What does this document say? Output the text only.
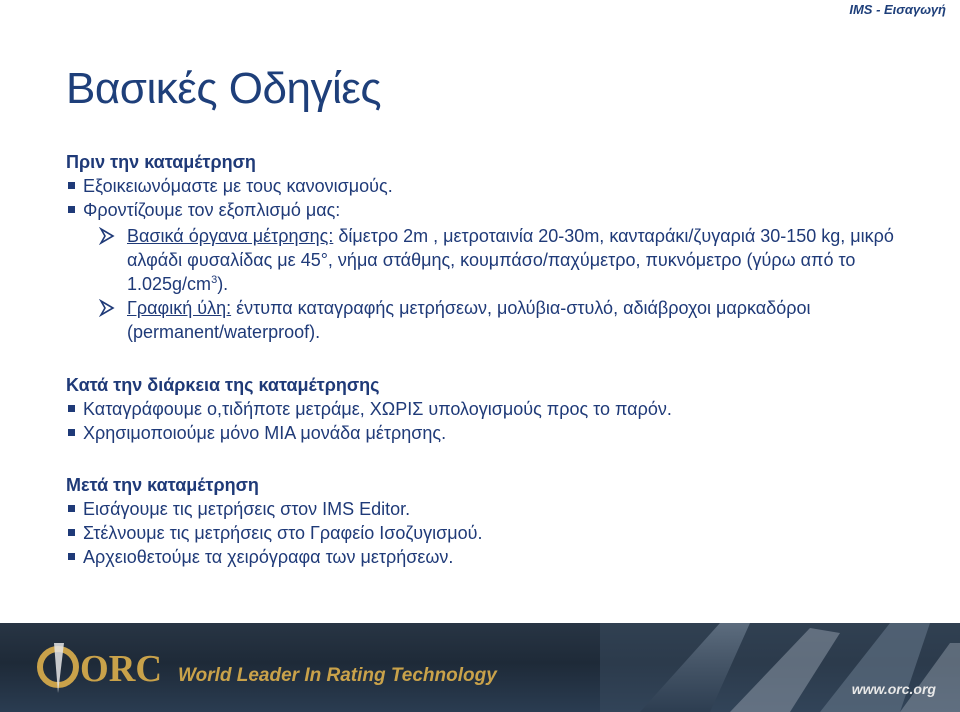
IMS - Εισαγωγή
Βασικές Οδηγίες

Πριν την καταμέτρηση

Εξοικειωνόμαστε με τους κανονισμούς.
Φροντίζουμε τον εξοπλισμό μας:
Βασικά όργανα μέτρησης: δίμετρο 2m , μετροταινία 20-30m, κανταράκι/ζυγαριά 30-150 kg, μικρό αλφάδι φυσαλίδας με 45°, νήμα στάθμης, κουμπάσο/παχύμετρο, πυκνόμετρο (γύρω από το $1.025g/cm^3$).
Γραφική ύλη: έντυπα καταγραφής μετρήσεων, μολύβια-στυλό, αδιάβροχοι μαρκαδόροι (permanent/waterproof).

Κατά την διάρκεια της καταμέτρησης

Καταγράφουμε ο,τιδήποτε μετράμε, ΧΩΡΙΣ υπολογισμούς προς το παρόν.
Χρησιμοποιούμε μόνο ΜΙΑ μονάδα μέτρησης.

Μετά την καταμέτρηση

Εισάγουμε τις μετρήσεις στον IMS Editor.
Στέλνουμε τις μετρήσεις στο Γραφείο Ισοζυγισμού.
Αρχειοθετούμε τα χειρόγραφα των μετρήσεων.
ORC World Leader In Rating Technology
www.orc.org
